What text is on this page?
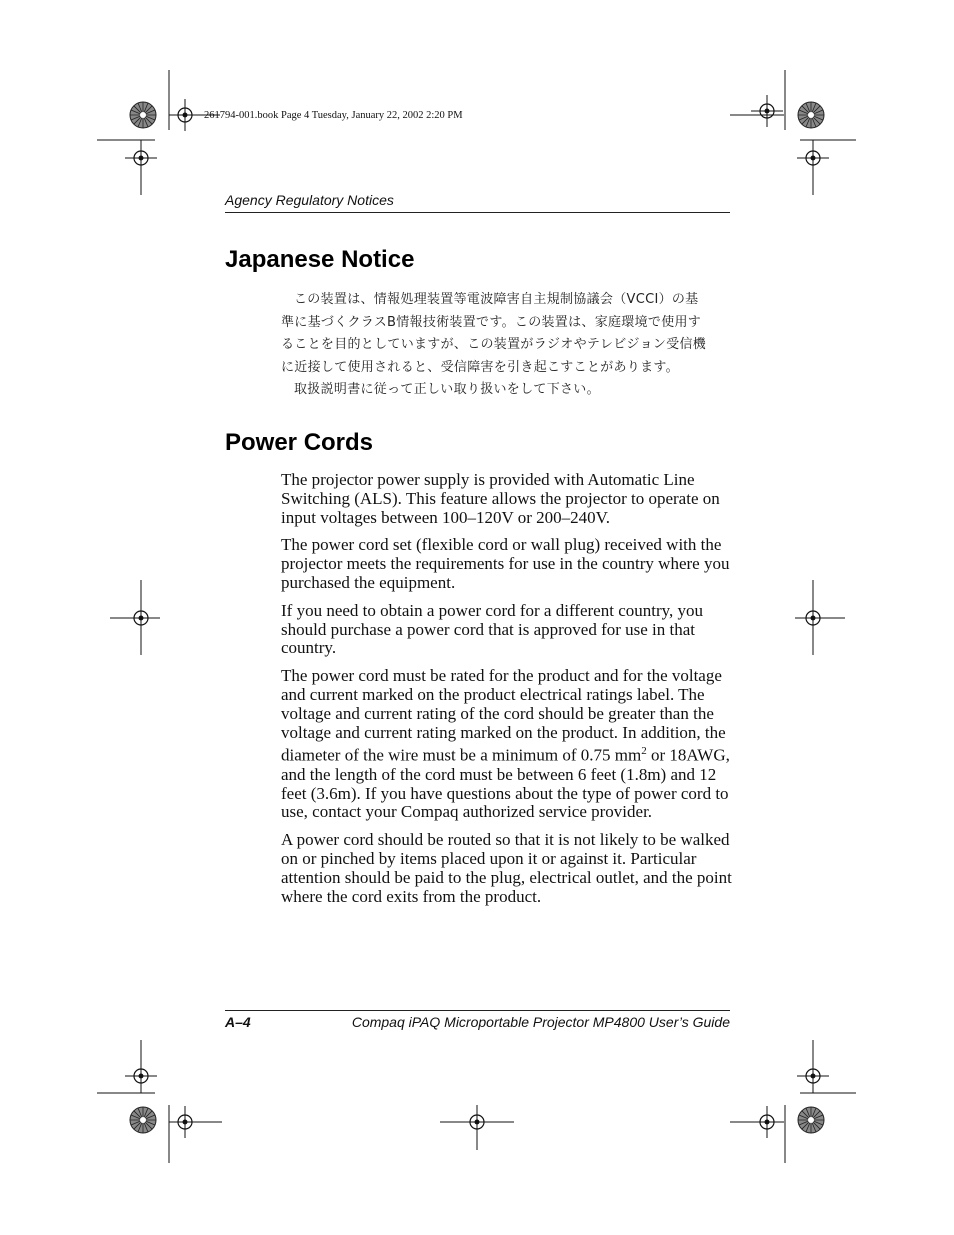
261794-001.book Page 4 Tuesday, January 22, 2002 2:20 PM
Agency Regulatory Notices
Japanese Notice

この装置は、情報処理装置等電波障害自主規制協議会（VCCI）の基

準に基づくクラスB情報技術装置です。この装置は、家庭環境で使用す

ることを目的としていますが、この装置がラジオやテレビジョン受信機

に近接して使用されると、受信障害を引き起こすことがあります。

取扱説明書に従って正しい取り扱いをして下さい。

Power Cords

The projector power supply is provided with Automatic Line Switching (ALS). This feature allows the projector to operate on input voltages between 100–120V or 200–240V.

The power cord set (flexible cord or wall plug) received with the projector meets the requirements for use in the country where you purchased the equipment.

If you need to obtain a power cord for a different country, you should purchase a power cord that is approved for use in that country.

The power cord must be rated for the product and for the voltage and current marked on the product electrical ratings label. The voltage and current rating of the cord should be greater than the voltage and current rating marked on the product. In addition, the diameter of the wire must be a minimum of 0.75 $mm^2$ or 18AWG, and the length of the cord must be between 6 feet (1.8m) and 12 feet (3.6m). If you have questions about the type of power cord to use, contact your Compaq authorized service provider.

A power cord should be routed so that it is not likely to be walked on or pinched by items placed upon it or against it. Particular attention should be paid to the plug, electrical outlet, and the point where the cord exits from the product.

A–4	Compaq iPAQ Microportable Projector MP4800 User’s Guide
